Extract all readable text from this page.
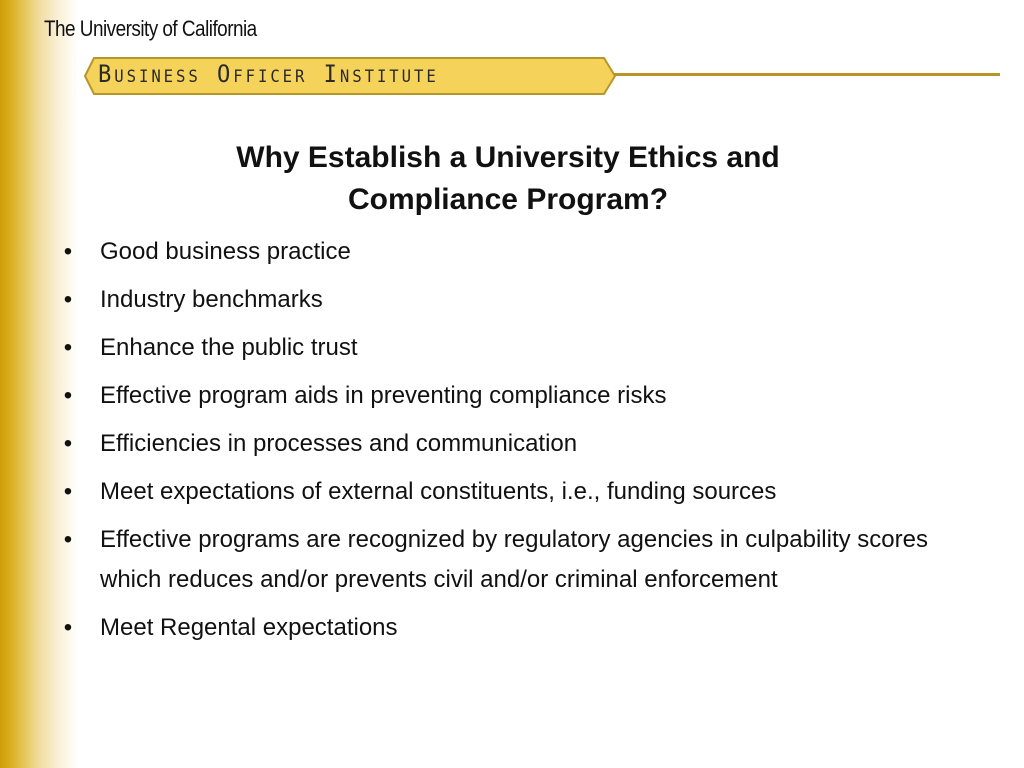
The University of California
Business Officer Institute
Why Establish a University Ethics and
Compliance Program?
• Good business practice
• Industry benchmarks
• Enhance the public trust
• Effective program aids in preventing compliance risks
• Efficiencies in processes and communication
• Meet expectations of external constituents, i.e., funding sources
• Effective programs are recognized by regulatory agencies in culpability scores which reduces and/or prevents civil and/or criminal enforcement
• Meet Regental expectations
